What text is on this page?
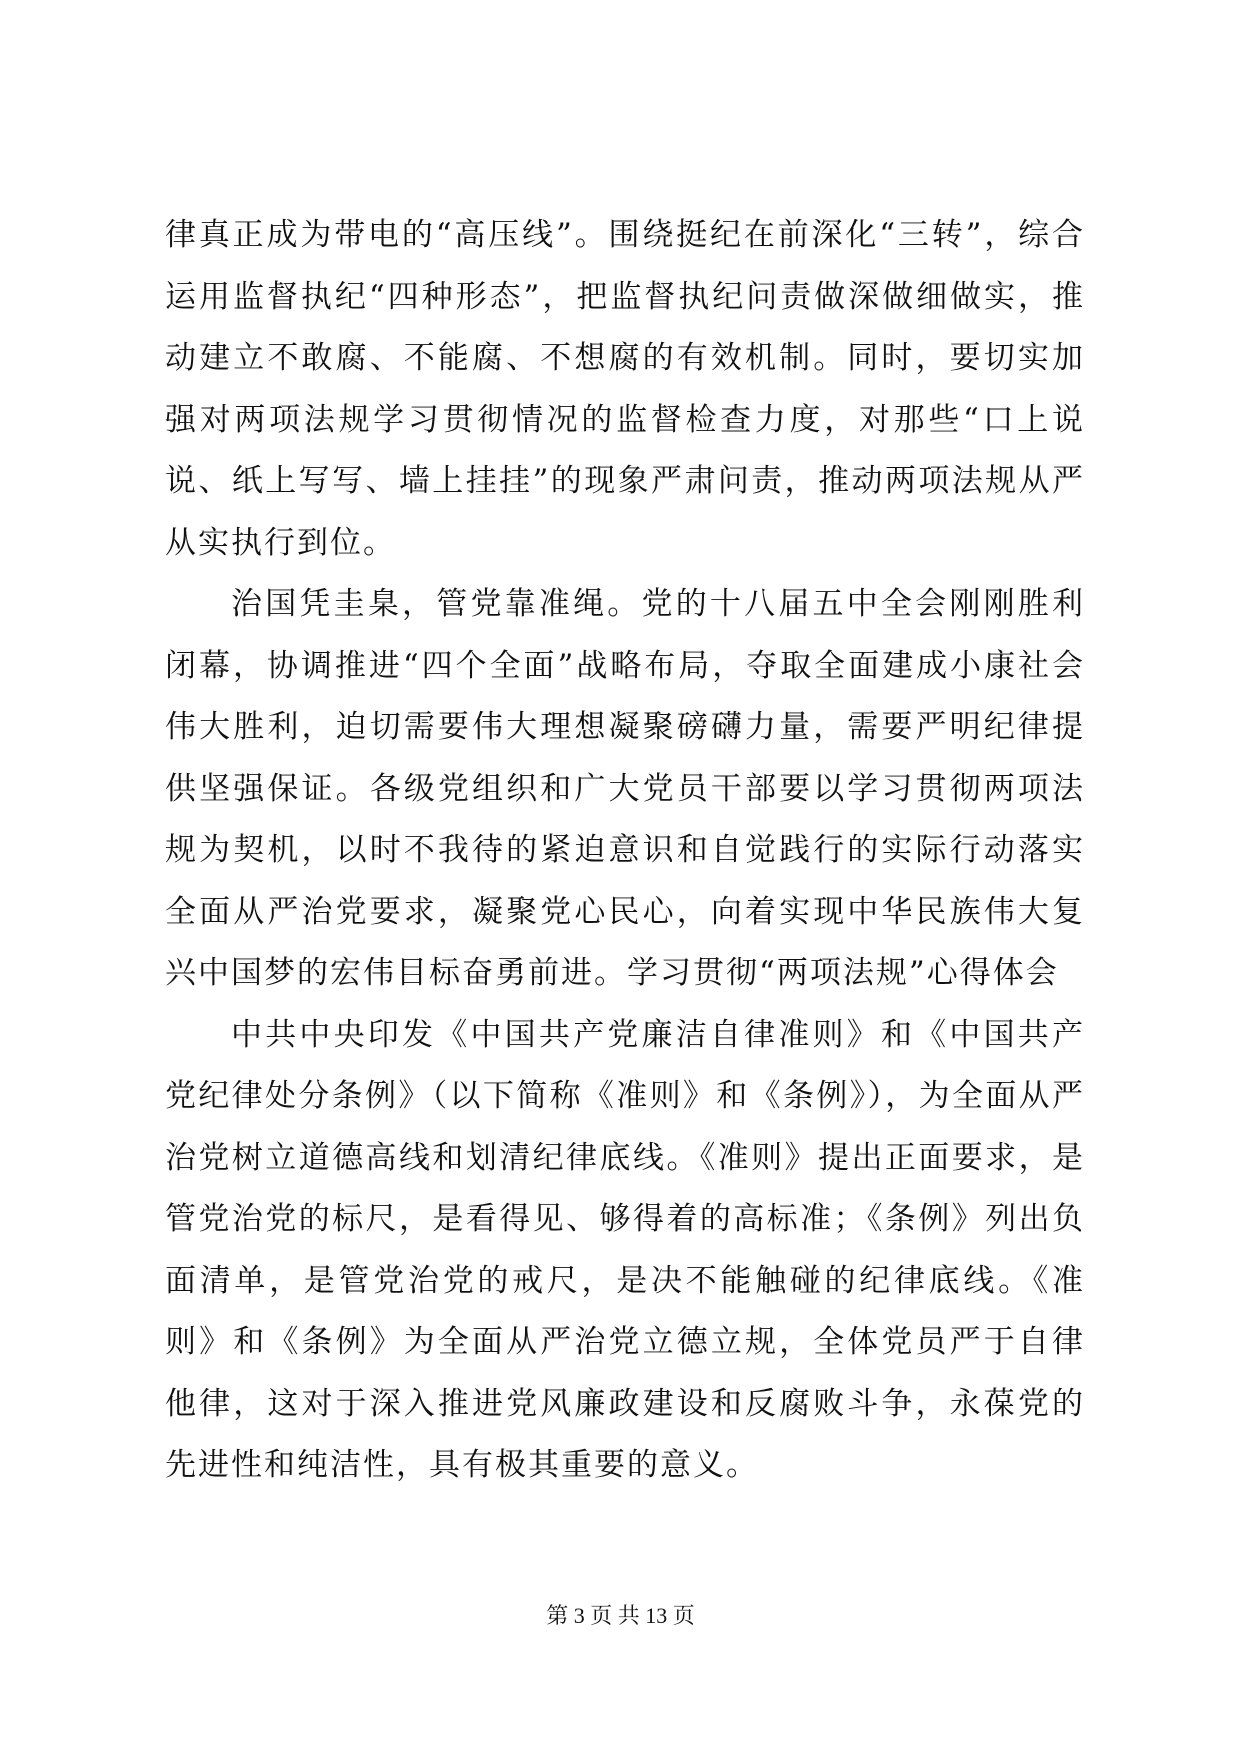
律真正成为带电的“高压线”。围绕挺纪在前深化“三转”，综合运用监督执纪“四种形态”，把监督执纪问责做深做细做实，推动建立不敢腐、不能腐、不想腐的有效机制。同时，要切实加强对两项法规学习贯彻情况的监督检查力度，对那些“口上说说、纸上写写、墙上挂挂”的现象严肃问责，推动两项法规从严从实执行到位。

治国凭圭臬，管党靠准绳。党的十八届五中全会刚刚胜利闭幕，协调推进“四个全面”战略布局，夺取全面建成小康社会伟大胜利，迫切需要伟大理想凝聚磅礴力量，需要严明纪律提供坚强保证。各级党组织和广大党员干部要以学习贯彻两项法规为契机，以时不我待的紧迫意识和自觉践行的实际行动落实全面从严治党要求，凝聚党心民心，向着实现中华民族伟大复兴中国梦的宏伟目标奋勇前进。学习贯彻“两项法规”心得体会

中共中央印发《中国共产党廉洁自律准则》和《中国共产党纪律处分条例》（以下简称《准则》和《条例》），为全面从严治党树立道德高线和划清纪律底线。《准则》提出正面要求，是管党治党的标尺，是看得见、够得着的高标准；《条例》列出负面清单，是管党治党的戒尺，是决不能触碰的纪律底线。《准则》和《条例》为全面从严治党立德立规，全体党员严于自律他律，这对于深入推进党风廉政建设和反腐败斗争，永葆党的先进性和纯洁性，具有极其重要的意义。

第 3 页 共 13 页
